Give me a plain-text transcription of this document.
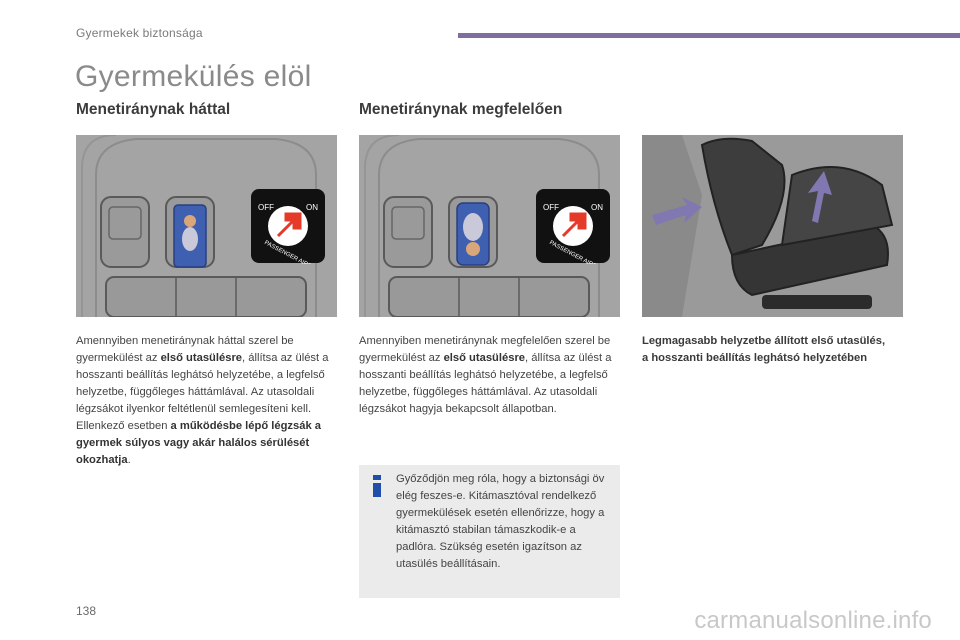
Gyermekek biztonsága
Gyermekülés elöl
Menetiránynak háttal	Menetiránynak megfelelően
OFF	ON	OFF	ON
Amennyiben menetiránynak háttal szerel be gyermekülést az első utasülésre, állítsa az ülést a hosszanti beállítás leghátsó helyzetébe, a legfelső helyzetbe, függőleges háttámlával. Az utasoldali légzsákot ilyenkor feltétlenül semlegesíteni kell. Ellenkező esetben a működésbe lépő légzsák a gyermek súlyos vagy akár halálos sérülését okozhatja.
Amennyiben menetiránynak megfelelően szerel be gyermekülést az első utasülésre, állítsa az ülést a hosszanti beállítás leghátsó helyzetébe, a legfelső helyzetbe, függőleges háttámlával. Az utasoldali légzsákot hagyja bekapcsolt állapotban.
Legmagasabb helyzetbe állított első utasülés, a hosszanti beállítás leghátsó helyzetében
Győződjön meg róla, hogy a biztonsági öv elég feszes-e. Kitámasztóval rendelkező gyermekülések esetén ellenőrizze, hogy a kitámasztó stabilan támaszkodik-e a padlóra. Szükség esetén igazítson az utasülés beállításain.
138	carmanualsonline.info
